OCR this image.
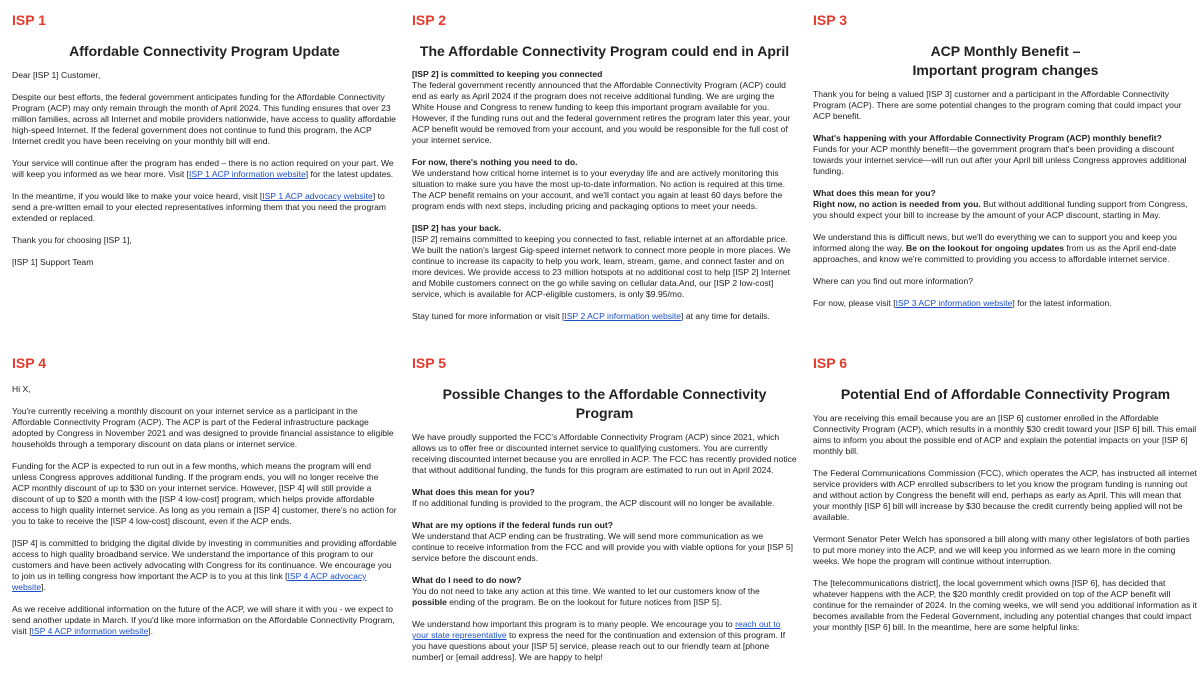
ISP 1
Affordable Connectivity Program Update

Dear [ISP 1] Customer,

Despite our best efforts, the federal government anticipates funding for the Affordable Connectivity Program (ACP) may only remain through the month of April 2024. This funding ensures that over 23 million families, across all Internet and mobile providers nationwide, have access to quality affordable high-speed Internet. If the federal government does not continue to fund this program, the ACP Internet credit you have been receiving on your monthly bill will end.

Your service will continue after the program has ended – there is no action required on your part. We will keep you informed as we hear more. Visit [ISP 1 ACP information website] for the latest updates.

In the meantime, if you would like to make your voice heard, visit [ISP 1 ACP advocacy website] to send a pre-written email to your elected representatives informing them that you need the program extended or replaced.

Thank you for choosing [ISP 1],

[ISP 1] Support Team

ISP 2
The Affordable Connectivity Program could end in April
[ISP 2] is committed to keeping you connected

The federal government recently announced that the Affordable Connectivity Program (ACP) could end as early as April 2024 if the program does not receive additional funding. We are urging the White House and Congress to renew funding to keep this important program available for you. However, if the funding runs out and the federal government retires the program later this year, your ACP benefit would be removed from your account, and you would be responsible for the full cost of your internet service.

For now, there's nothing you need to do.

We understand how critical home internet is to your everyday life and are actively monitoring this situation to make sure you have the most up-to-date information. No action is required at this time. The ACP benefit remains on your account, and we'll contact you again at least 60 days before the program ends with next steps, including pricing and packaging options to meet your needs.

[ISP 2] has your back.

[ISP 2] remains committed to keeping you connected to fast, reliable internet at an affordable price. We built the nation's largest Gig-speed internet network to connect more people in more places. We continue to increase its capacity to help you work, learn, stream, game, and connect faster and on more devices. We provide access to 23 million hotspots at no additional cost to help [ISP 2] Internet and Mobile customers connect on the go while saving on cellular data.And, our [ISP 2 low-cost] service, which is available for ACP-eligible customers, is only $9.95/mo.

Stay tuned for more information or visit [ISP 2 ACP information website] at any time for details.

ISP 3
ACP Monthly Benefit –
Important program changes

Thank you for being a valued [ISP 3] customer and a participant in the Affordable Connectivity Program (ACP). There are some potential changes to the program coming that could impact your ACP benefit.

What's happening with your Affordable Connectivity Program (ACP) monthly benefit?

Funds for your ACP monthly benefit—the government program that's been providing a discount towards your internet service—will run out after your April bill unless Congress approves additional funding.

What does this mean for you?

Right now, no action is needed from you. But without additional funding support from Congress, you should expect your bill to increase by the amount of your ACP discount, starting in May.

We understand this is difficult news, but we'll do everything we can to support you and keep you informed along the way. Be on the lookout for ongoing updates from us as the April end-date approaches, and know we're committed to providing you access to affordable internet service.

Where can you find out more information?

For now, please visit [ISP 3 ACP information website] for the latest information.

ISP 4

Hi X,

You're currently receiving a monthly discount on your internet service as a participant in the Affordable Connectivity Program (ACP). The ACP is part of the Federal infrastructure package adopted by Congress in November 2021 and was designed to provide financial assistance to eligible households through a temporary discount on data plans or internet service.

Funding for the ACP is expected to run out in a few months, which means the program will end unless Congress approves additional funding. If the program ends, you will no longer receive the ACP monthly discount of up to $30 on your internet service. However, [ISP 4] will still provide a discount of up to $20 a month with the [ISP 4 low-cost] program, which helps provide affordable access to high quality internet service. As long as you remain a [ISP 4] customer, there's no action for you to take to receive the [ISP 4 low-cost] discount, even if the ACP ends.

[ISP 4] is committed to bridging the digital divide by investing in communities and providing affordable access to high quality broadband service. We understand the importance of this program to our customers and have been actively advocating with Congress for its continuance. We encourage you to join us in telling congress how important the ACP is to you at this link [ISP 4 ACP advocacy website].

As we receive additional information on the future of the ACP, we will share it with you - we expect to send another update in March. If you'd like more information on the Affordable Connectivity Program, visit [ISP 4 ACP information website].

ISP 5
Possible Changes to the Affordable Connectivity Program

We have proudly supported the FCC's Affordable Connectivity Program (ACP) since 2021, which allows us to offer free or discounted internet service to qualifying customers. You are currently receiving discounted internet because you are enrolled in ACP. The FCC has recently provided notice that without additional funding, the funds for this program are estimated to run out in April 2024.

What does this mean for you?

If no additional funding is provided to the program, the ACP discount will no longer be available.

What are my options if the federal funds run out?

We understand that ACP ending can be frustrating. We will send more communication as we continue to receive information from the FCC and will provide you with viable options for your [ISP 5] service before the discount ends.

What do I need to do now?

You do not need to take any action at this time. We wanted to let our customers know of the possible ending of the program. Be on the lookout for future notices from [ISP 5].

We understand how important this program is to many people. We encourage you to reach out to your state representative to express the need for the continuation and extension of this program. If you have questions about your [ISP 5] service, please reach out to our friendly team at [phone number] or [email address]. We are happy to help!

ISP 6
Potential End of Affordable Connectivity Program

You are receiving this email because you are an [ISP 6] customer enrolled in the Affordable Connectivity Program (ACP), which results in a monthly $30 credit toward your [ISP 6] bill. This email aims to inform you about the possible end of ACP and explain the potential impacts on your [ISP 6] monthly bill.

The Federal Communications Commission (FCC), which operates the ACP, has instructed all internet service providers with ACP enrolled subscribers to let you know the program funding is running out and without action by Congress the benefit will end, perhaps as early as April. This will mean that your monthly [ISP 6] bill will increase by $30 because the credit currently being applied will not be available.

Vermont Senator Peter Welch has sponsored a bill along with many other legislators of both parties to put more money into the ACP, and we will keep you informed as we learn more in the coming weeks. We hope the program will continue without interruption.

The [telecommunications district], the local government which owns [ISP 6], has decided that whatever happens with the ACP, the $20 monthly credit provided on top of the ACP benefit will continue for the remainder of 2024. In the coming weeks, we will send you additional information as it becomes available from the Federal Government, including any potential changes that could impact your monthly [ISP 6] bill. In the meantime, here are some helpful links:
